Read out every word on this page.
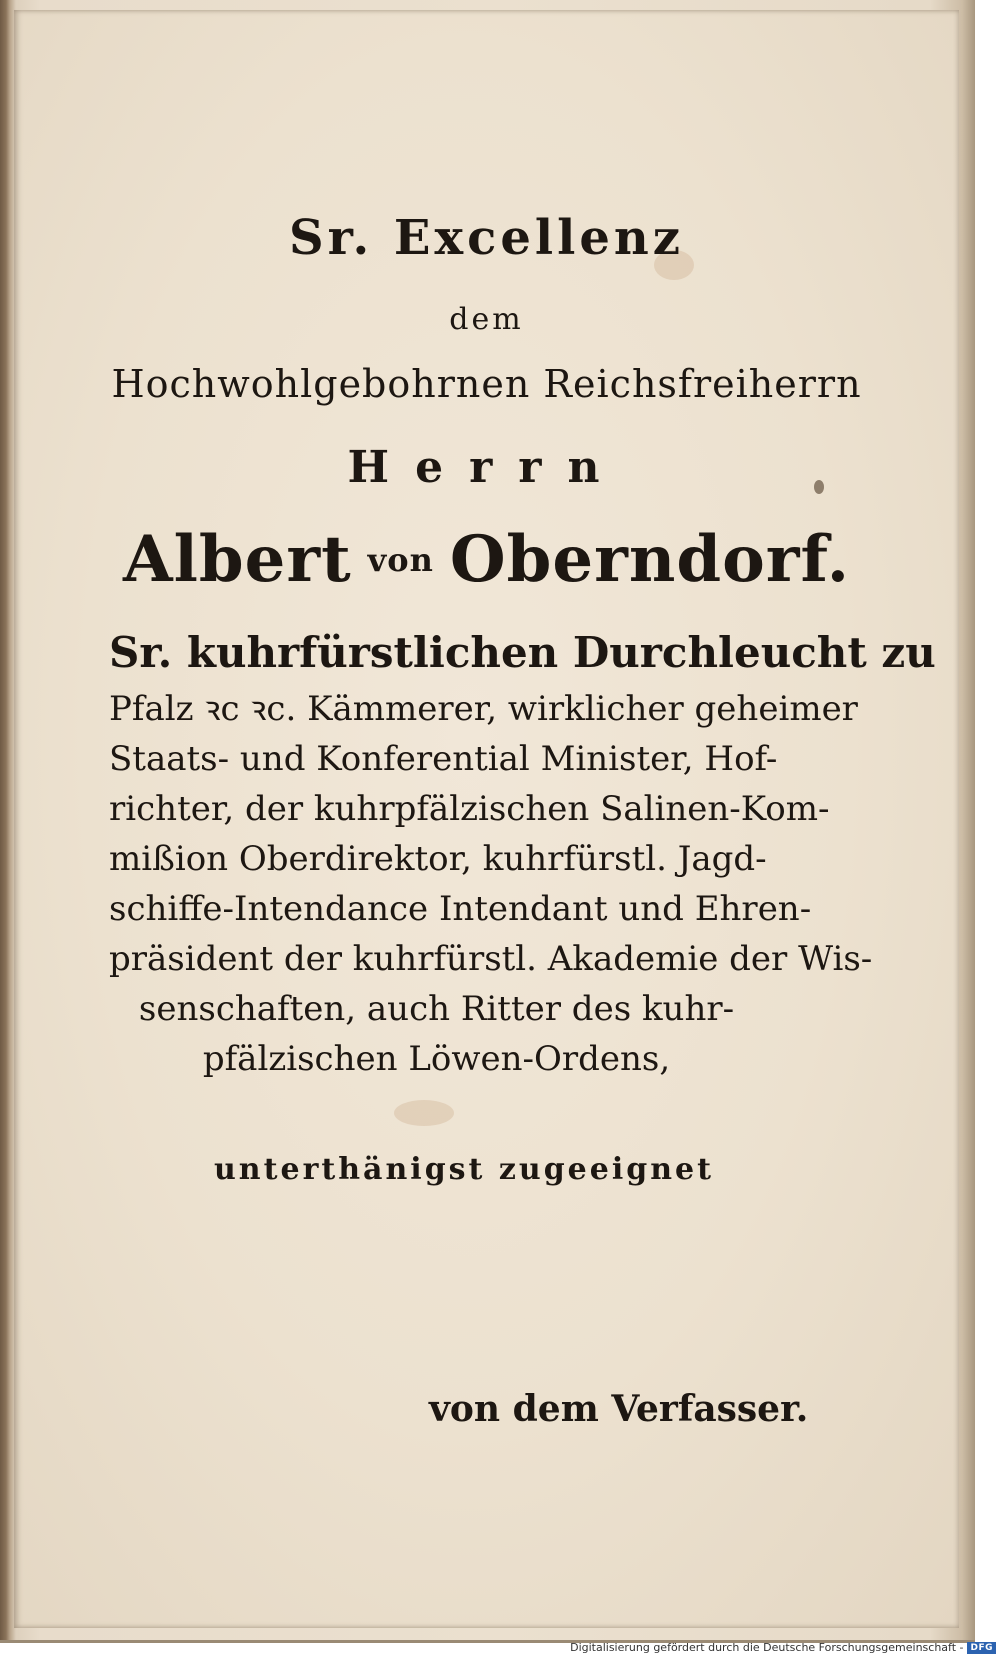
Sr. Excellenz
dem
Hochwohlgebohrnen Reichsfreiherrn
Herrn
Albert von Oberndorf.
Sr. kuhrfürstlichen Durchleucht zu
Pfalz ꝛc ꝛc. Kämmerer, wirklicher geheimer
Staats- und Konferential Minister, Hof-
richter, der kuhrpfälzischen Salinen-Kom-
mißion Oberdirektor, kuhrfürstl. Jagd-
schiffe-Intendance Intendant und Ehren-
präsident der kuhrfürstl. Akademie der Wis-
senschaften, auch Ritter des kuhr-
pfälzischen Löwen-Ordens,
unterthänigst zugeeignet
von dem Verfasser.
Digitalisierung gefördert durch die Deutsche Forschungsgemeinschaft - DFG
